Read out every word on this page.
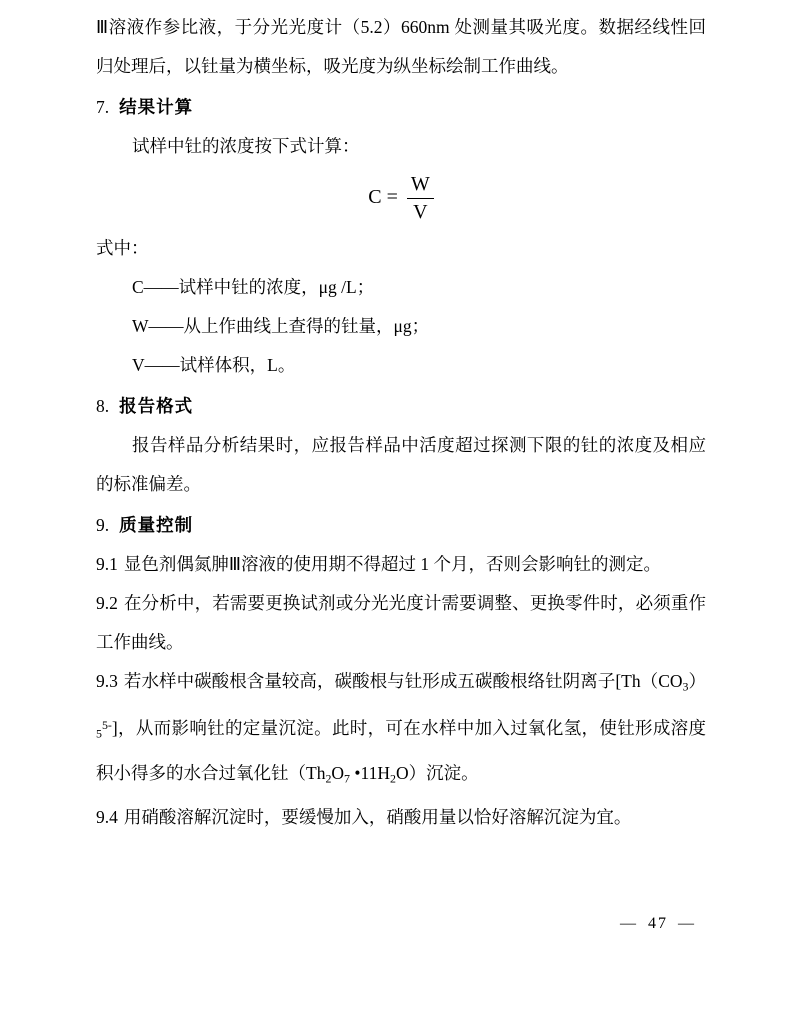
Ⅲ溶液作参比液，于分光光度计（5.2）660nm 处测量其吸光度。数据经线性回归处理后，以钍量为横坐标，吸光度为纵坐标绘制工作曲线。

7. 结果计算

试样中钍的浓度按下式计算：

$C = \frac{W}{V}$

式中：

C——试样中钍的浓度，μg /L；

W——从上作曲线上查得的钍量，μg；

V——试样体积，L。

8. 报告格式

报告样品分析结果时，应报告样品中活度超过探测下限的钍的浓度及相应的标准偏差。

9. 质量控制

9.1 显色剂偶氮胂Ⅲ溶液的使用期不得超过 1 个月，否则会影响钍的测定。

9.2 在分析中，若需要更换试剂或分光光度计需要调整、更换零件时，必须重作工作曲线。

9.3 若水样中碳酸根含量较高，碳酸根与钍形成五碳酸根络钍阴离子$[Th(CO_3)_5^{5-}]$，从而影响钍的定量沉淀。此时，可在水样中加入过氧化氢，使钍形成溶度积小得多的水合过氧化钍（$Th_2O_7$ $•11H_2O$）沉淀。

9.4 用硝酸溶解沉淀时，要缓慢加入，硝酸用量以恰好溶解沉淀为宜。

— 47 —
